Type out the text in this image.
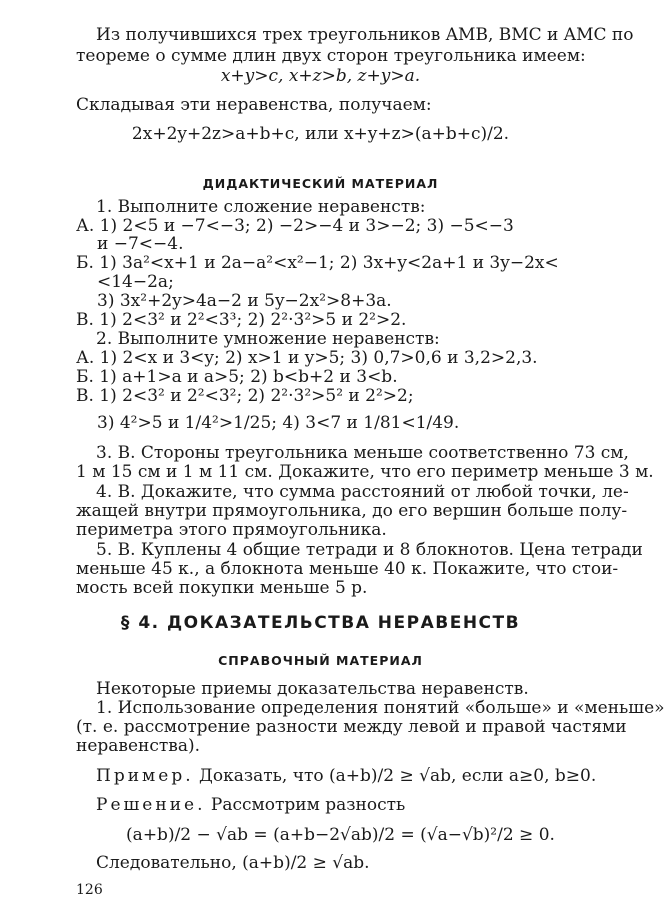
Из получившихся трех треугольников AMB, BMC и AMC по
теореме о сумме длин двух сторон треугольника имеем:
x+y>c, x+z>b, z+y>a.
Складывая эти неравенства, получаем:
2x+2y+2z>a+b+c, или x+y+z>(a+b+c)/2.
ДИДАКТИЧЕСКИЙ МАТЕРИАЛ
1. Выполните сложение неравенств:
А. 1) 2<5 и −7<−3; 2) −2>−4 и 3>−2; 3) −5<−3
и −7<−4.
Б. 1) 3a²<x+1 и 2a−a²<x²−1; 2) 3x+y<2a+1 и 3y−2x<
<14−2a;
3) 3x²+2y>4a−2 и 5y−2x²>8+3a.
В. 1) 2<3² и 2²<3³; 2) 2²·3²>5 и 2²>2.
2. Выполните умножение неравенств:
А. 1) 2<x и 3<y; 2) x>1 и y>5; 3) 0,7>0,6 и 3,2>2,3.
Б. 1) a+1>a и a>5; 2) b<b+2 и 3<b.
В. 1) 2<3² и 2²<3²; 2) 2²·3²>5² и 2²>2;
3) 4²>5 и 1/4²>1/25; 4) 3<7 и 1/81<1/49.
3. В. Стороны треугольника меньше соответственно 73 см,
1 м 15 см и 1 м 11 см. Докажите, что его периметр меньше 3 м.
4. В. Докажите, что сумма расстояний от любой точки, ле-
жащей внутри прямоугольника, до его вершин больше полу-
периметра этого прямоугольника.
5. В. Куплены 4 общие тетради и 8 блокнотов. Цена тетради
меньше 45 к., а блокнота меньше 40 к. Покажите, что стои-
мость всей покупки меньше 5 р.
§ 4. ДОКАЗАТЕЛЬСТВА НЕРАВЕНСТВ
СПРАВОЧНЫЙ МАТЕРИАЛ
Некоторые приемы доказательства неравенств.
1. Использование определения понятий «больше» и «меньше»
(т. е. рассмотрение разности между левой и правой частями
неравенства).
Пример. Доказать, что (a+b)/2 ≥ √ab, если a≥0, b≥0.
Решение. Рассмотрим разность
(a+b)/2 − √ab = (a+b−2√ab)/2 = (√a−√b)²/2 ≥ 0.
Следовательно, (a+b)/2 ≥ √ab.
126
